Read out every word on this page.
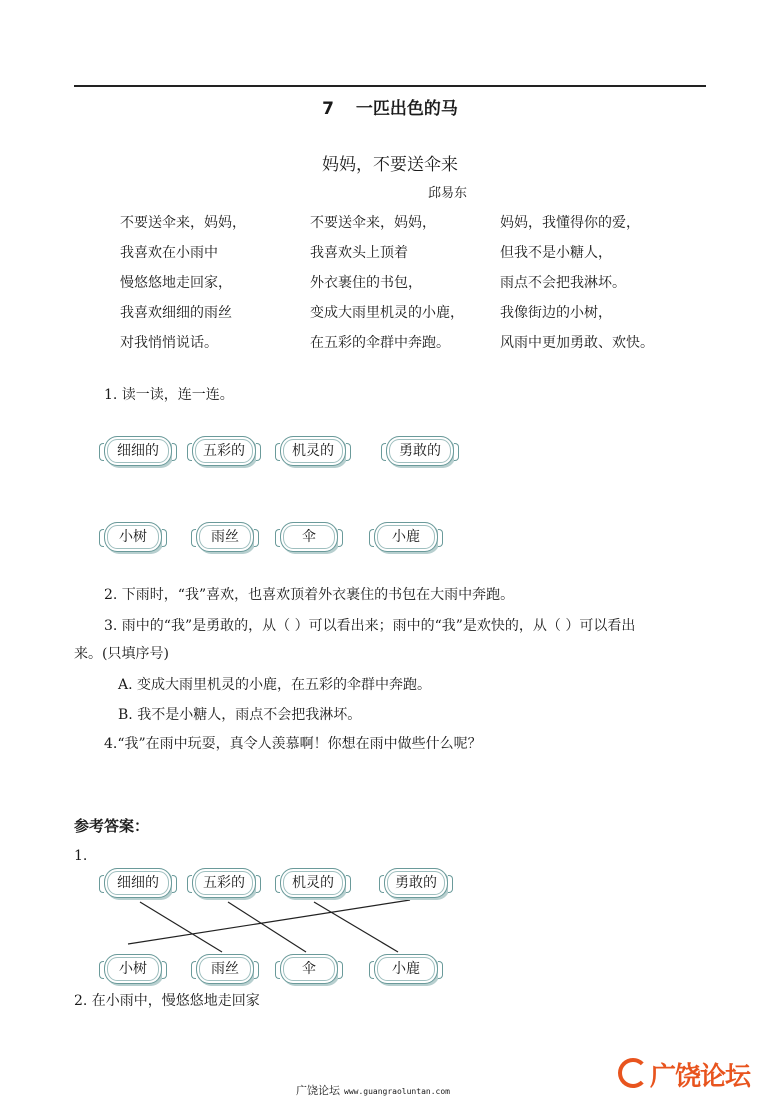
7 一匹出色的马
妈妈，不要送伞来
邱易东
不要送伞来，妈妈，
我喜欢在小雨中
慢悠悠地走回家，
我喜欢细细的雨丝
对我悄悄说话。
不要送伞来，妈妈，
我喜欢头上顶着
外衣裹住的书包，
变成大雨里机灵的小鹿，
在五彩的伞群中奔跑。
妈妈，我懂得你的爱，
但我不是小糖人，
雨点不会把我淋坏。
我像街边的小树，
风雨中更加勇敢、欢快。
1. 读一读，连一连。
细细的	五彩的	机灵的	勇敢的
小树	雨丝	伞	小鹿
2. 下雨时，“我”喜欢，也喜欢顶着外衣裹住的书包在大雨中奔跑。
3. 雨中的“我”是勇敢的，从（ ）可以看出来；雨中的“我”是欢快的，从（ ）可以看出
来。(只填序号)
A. 变成大雨里机灵的小鹿，在五彩的伞群中奔跑。
B. 我不是小糖人，雨点不会把我淋坏。
4.“我”在雨中玩耍，真令人羡慕啊！你想在雨中做些什么呢？
参考答案：
1.
细细的	五彩的	机灵的	勇敢的
小树	雨丝	伞	小鹿
2. 在小雨中，慢悠悠地走回家
广饶论坛 www.guangraoluntan.com	广饶论坛
